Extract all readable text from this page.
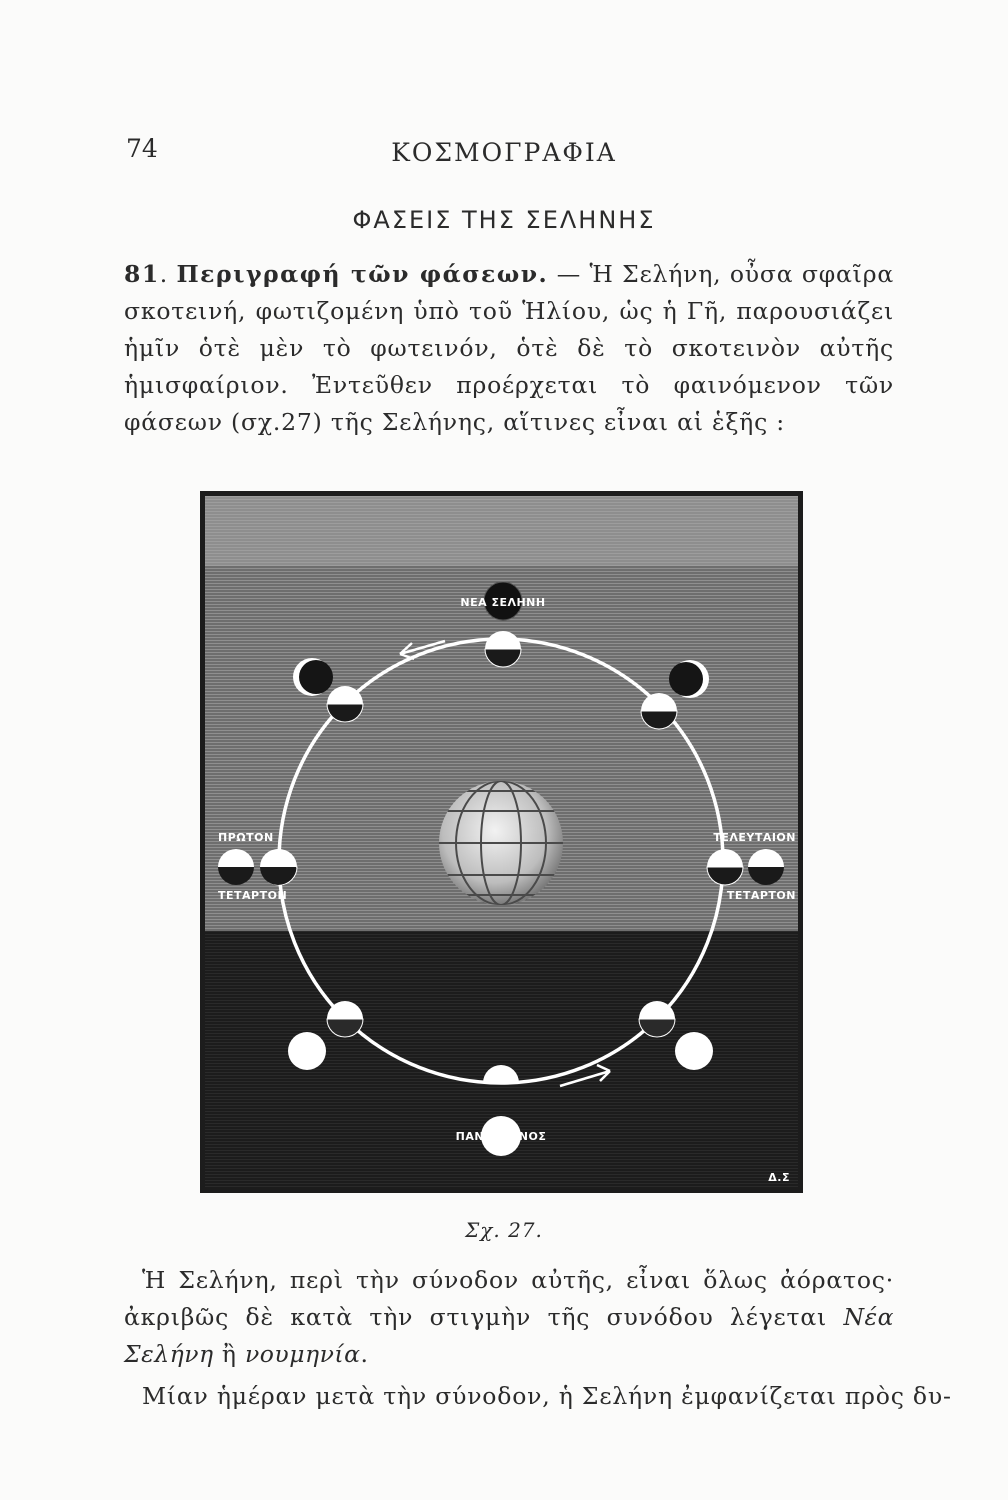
74	ΚΟΣΜΟΓΡΑΦΙΑ
ΦΑΣΕΙΣ ΤΗΣ ΣΕΛΗΝΗΣ
81. Περιγραφή τῶν φάσεων. — Ἡ Σελήνη, οὖσα σφαῖρα σκοτεινή, φωτιζομένη ὑπὸ τοῦ Ἡλίου, ὡς ἡ Γῆ, παρουσιάζει ἡμῖν ὁτὲ μὲν τὸ φωτεινόν, ὁτὲ δὲ τὸ σκοτεινὸν αὐτῆς ἡμισφαίριον. Ἐντεῦθεν προέρχεται τὸ φαινόμενον τῶν φάσεων (σχ.27) τῆς Σελήνης, αἵτινες εἶναι αἱ ἑξῆς :
ΝΕΑ ΣΕΛΗΝΗ
ΠΡΩΤΟΝ
ΤΕΤΑΡΤΟΝ
ΤΕΛΕΥΤΑΙΟΝ
ΤΕΤΑΡΤΟΝ
ΠΑΝΣΕΛΗΝΟΣ
Δ.Σ
Σχ. 27.
Ἡ Σελήνη, περὶ τὴν σύνοδον αὐτῆς, εἶναι ὅλως ἀόρατος· ἀκριβῶς δὲ κατὰ τὴν στιγμὴν τῆς συνόδου λέγεται Νέα Σελήνη ἢ νουμηνία.
Μίαν ἡμέραν μετὰ τὴν σύνοδον, ἡ Σελήνη ἐμφανίζεται πρὸς δυ-
